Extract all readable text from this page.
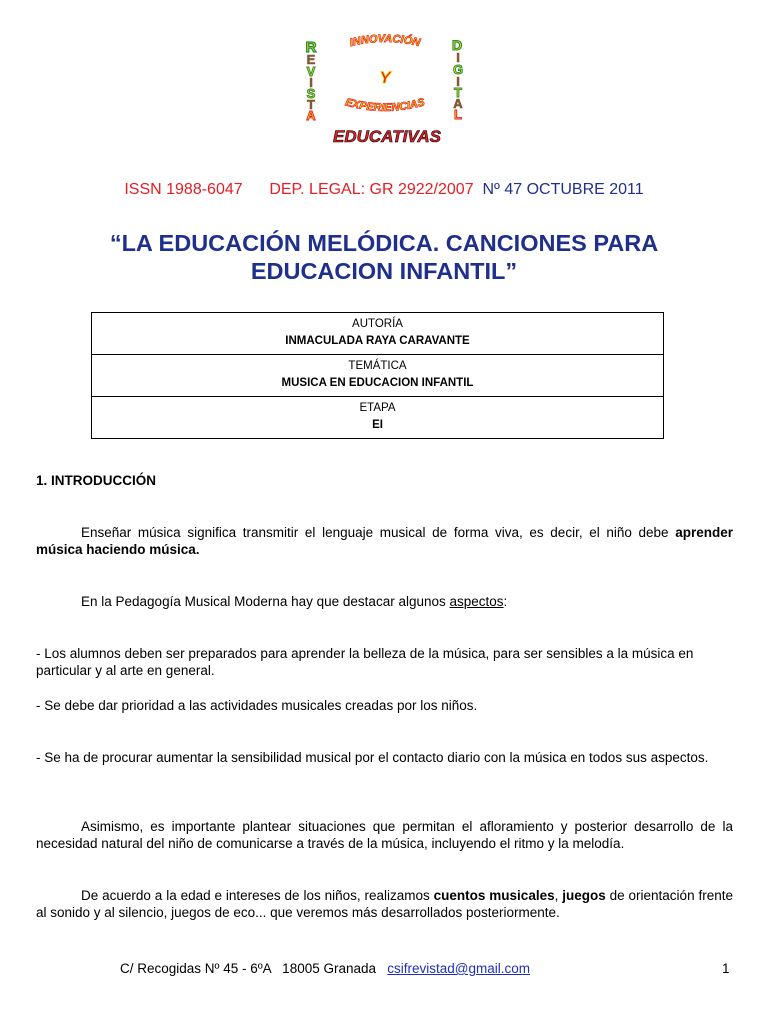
R
E
V
I
S
T
A
D
I
G
I
T
A
L
INNOVACIÓN
Y
EXPERIENCIAS
EDUCATIVAS
ISSN 1988-6047 DEP. LEGAL: GR 2922/2007 Nº 47 OCTUBRE 2011
“LA EDUCACIÓN MELÓDICA. CANCIONES PARA
EDUCACION INFANTIL”
AUTORÍA
INMACULADA RAYA CARAVANTE

TEMÁTICA
MUSICA EN EDUCACION INFANTIL

ETAPA
EI
1. INTRODUCCIÓN
Enseñar música significa transmitir el lenguaje musical de forma viva, es decir, el niño debe aprender música haciendo música.
En la Pedagogía Musical Moderna hay que destacar algunos aspectos:
- Los alumnos deben ser preparados para aprender la belleza de la música, para ser sensibles a la música en particular y al arte en general.
- Se debe dar prioridad a las actividades musicales creadas por los niños.
- Se ha de procurar aumentar la sensibilidad musical por el contacto diario con la música en todos sus aspectos.
Asimismo, es importante plantear situaciones que permitan el afloramiento y posterior desarrollo de la necesidad natural del niño de comunicarse a través de la música, incluyendo el ritmo y la melodía.
De acuerdo a la edad e intereses de los niños, realizamos cuentos musicales, juegos de orientación frente al sonido y al silencio, juegos de eco... que veremos más desarrollados posteriormente.
C/ Recogidas Nº 45 - 6ºA   18005 Granada   csifrevistad@gmail.com	1
